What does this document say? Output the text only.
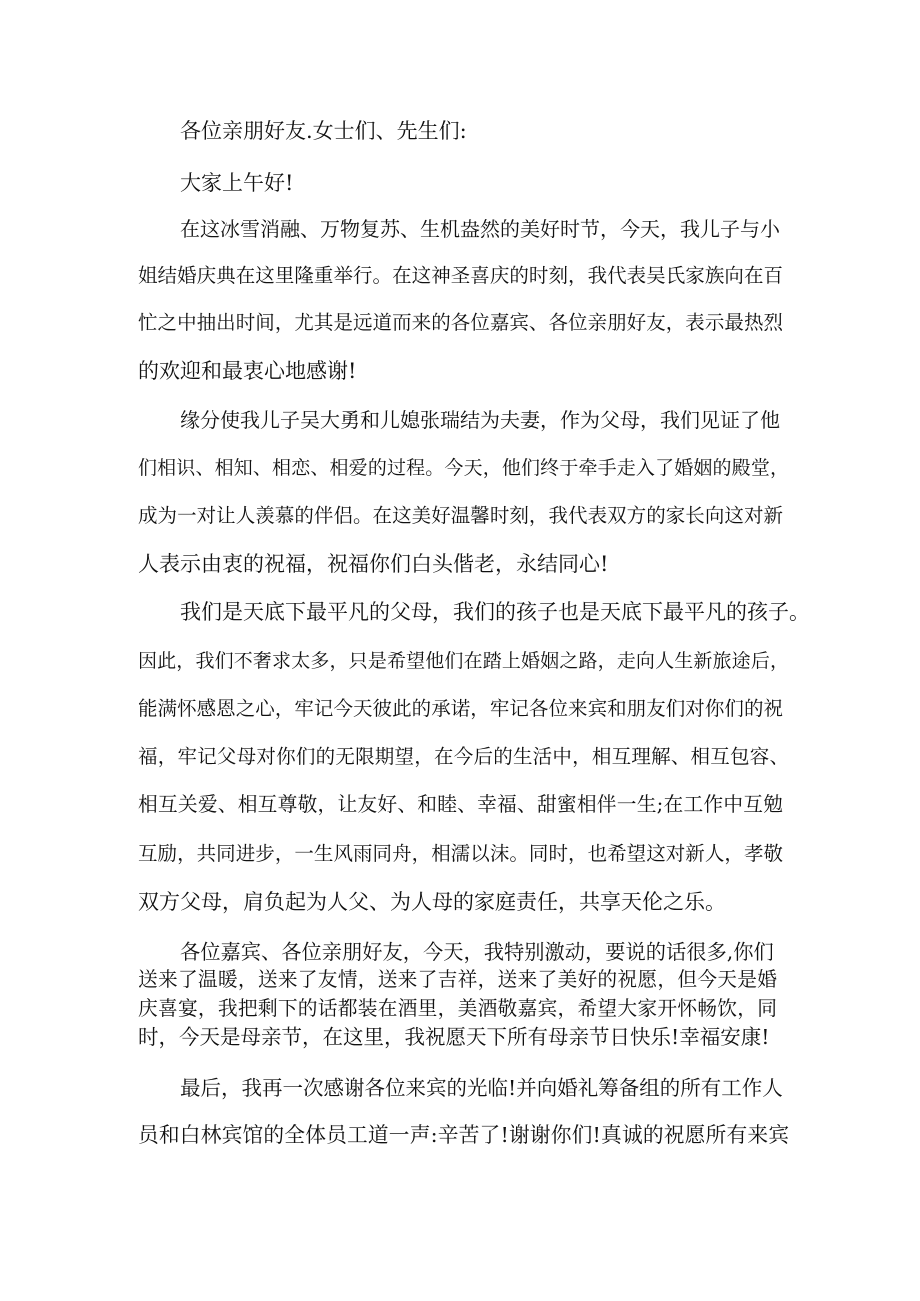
各位亲朋好友.女士们、先生们:

大家上午好!

在这冰雪消融、万物复苏、生机盎然的美好时节，今天，我儿子与小

姐结婚庆典在这里隆重举行。在这神圣喜庆的时刻，我代表吴氏家族向在百

忙之中抽出时间，尤其是远道而来的各位嘉宾、各位亲朋好友，表示最热烈

的欢迎和最衷心地感谢!

缘分使我儿子吴大勇和儿媳张瑞结为夫妻，作为父母，我们见证了他

们相识、相知、相恋、相爱的过程。今天，他们终于牵手走入了婚姻的殿堂，

成为一对让人羡慕的伴侣。在这美好温馨时刻，我代表双方的家长向这对新

人表示由衷的祝福，祝福你们白头偕老，永结同心!

我们是天底下最平凡的父母，我们的孩子也是天底下最平凡的孩子。

因此，我们不奢求太多，只是希望他们在踏上婚姻之路，走向人生新旅途后，

能满怀感恩之心，牢记今天彼此的承诺，牢记各位来宾和朋友们对你们的祝

福，牢记父母对你们的无限期望，在今后的生活中，相互理解、相互包容、

相互关爱、相互尊敬，让友好、和睦、幸福、甜蜜相伴一生;在工作中互勉

互励，共同进步，一生风雨同舟，相濡以沫。同时，也希望这对新人，孝敬

双方父母，肩负起为人父、为人母的家庭责任，共享天伦之乐。

各位嘉宾、各位亲朋好友，今天，我特别激动，要说的话很多,你们

送来了温暖，送来了友情，送来了吉祥，送来了美好的祝愿，但今天是婚

庆喜宴，我把剩下的话都装在酒里，美酒敬嘉宾，希望大家开怀畅饮，同

时，今天是母亲节，在这里，我祝愿天下所有母亲节日快乐!幸福安康!

最后，我再一次感谢各位来宾的光临!并向婚礼筹备组的所有工作人

员和白林宾馆的全体员工道一声:辛苦了!谢谢你们!真诚的祝愿所有来宾
